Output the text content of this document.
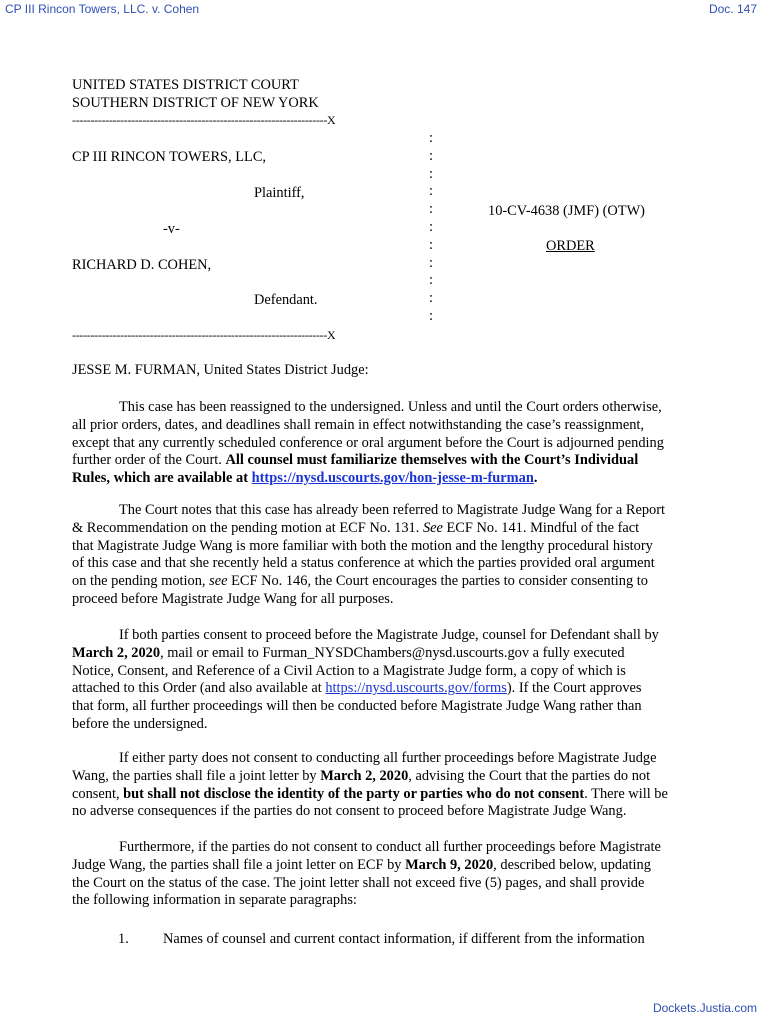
CP III Rincon Towers, LLC. v. Cohen	Doc. 147
UNITED STATES DISTRICT COURT
SOUTHERN DISTRICT OF NEW YORK
---------------------------------------------------------------------X
:
:
:
:
:
:
:
:
:
:
:
CP III RINCON TOWERS, LLC,
Plaintiff,
-v-
RICHARD D. COHEN,
Defendant.
---------------------------------------------------------------------X
10-CV-4638 (JMF) (OTW)
ORDER
JESSE M. FURMAN, United States District Judge:
This case has been reassigned to the undersigned. Unless and until the Court orders otherwise,
all prior orders, dates, and deadlines shall remain in effect notwithstanding the case’s reassignment,
except that any currently scheduled conference or oral argument before the Court is adjourned pending
further order of the Court. All counsel must familiarize themselves with the Court’s Individual
Rules, which are available at https://nysd.uscourts.gov/hon-jesse-m-furman.
The Court notes that this case has already been referred to Magistrate Judge Wang for a Report
& Recommendation on the pending motion at ECF No. 131. See ECF No. 141. Mindful of the fact
that Magistrate Judge Wang is more familiar with both the motion and the lengthy procedural history
of this case and that she recently held a status conference at which the parties provided oral argument
on the pending motion, see ECF No. 146, the Court encourages the parties to consider consenting to
proceed before Magistrate Judge Wang for all purposes.
If both parties consent to proceed before the Magistrate Judge, counsel for Defendant shall by
March 2, 2020, mail or email to Furman_NYSDChambers@nysd.uscourts.gov a fully executed
Notice, Consent, and Reference of a Civil Action to a Magistrate Judge form, a copy of which is
attached to this Order (and also available at https://nysd.uscourts.gov/forms). If the Court approves
that form, all further proceedings will then be conducted before Magistrate Judge Wang rather than
before the undersigned.
If either party does not consent to conducting all further proceedings before Magistrate Judge
Wang, the parties shall file a joint letter by March 2, 2020, advising the Court that the parties do not
consent, but shall not disclose the identity of the party or parties who do not consent. There will be
no adverse consequences if the parties do not consent to proceed before Magistrate Judge Wang.
Furthermore, if the parties do not consent to conduct all further proceedings before Magistrate
Judge Wang, the parties shall file a joint letter on ECF by March 9, 2020, described below, updating
the Court on the status of the case. The joint letter shall not exceed five (5) pages, and shall provide
the following information in separate paragraphs:
1. Names of counsel and current contact information, if different from the information
Dockets.Justia.com
